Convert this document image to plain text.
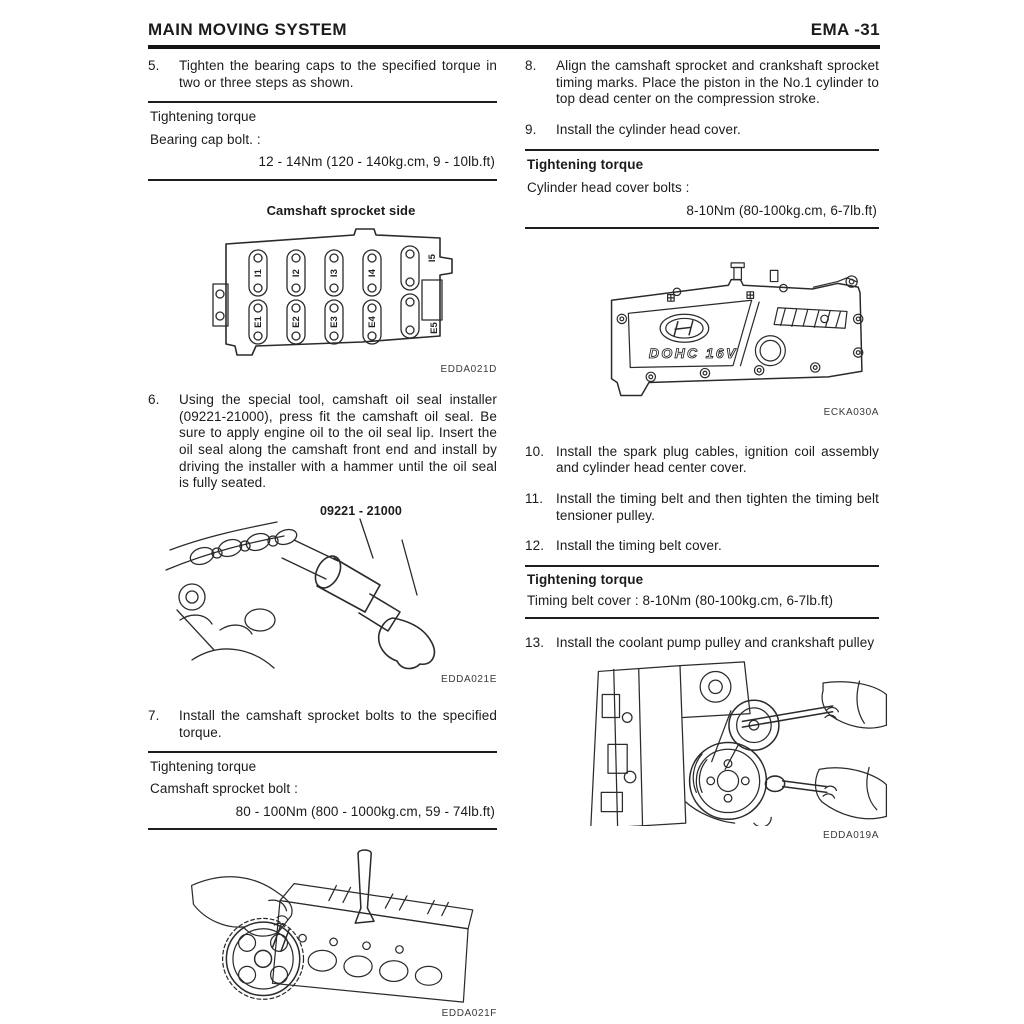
MAIN MOVING SYSTEM	EMA -31
5.	Tighten the bearing caps to the specified torque in two or three steps as shown.
Tightening torque
Bearing cap bolt. :
12 - 14Nm (120 - 140kg.cm, 9 - 10lb.ft)
Camshaft sprocket side
I1	I2	I3	I4
I5
E1	E2	E3	E4
E5
EDDA021D
6.	Using the special tool, camshaft oil seal installer (09221-21000), press fit the camshaft oil seal. Be sure to apply engine oil to the oil seal lip. Insert the oil seal along the camshaft front end and install by driving the installer with a hammer until the oil seal is fully seated.
09221 - 21000
EDDA021E
7.	Install the camshaft sprocket bolts to the specified torque.
Tightening torque
Camshaft sprocket bolt :
80 - 100Nm (800 - 1000kg.cm, 59 - 74lb.ft)
EDDA021F
8.	Align the camshaft sprocket and crankshaft sprocket timing marks. Place the piston in the No.1 cylinder to top dead center on the compression stroke.
9.	Install the cylinder head cover.
Tightening torque
Cylinder head cover bolts :
8-10Nm (80-100kg.cm, 6-7lb.ft)
DOHC 16V
ECKA030A
10. Install the spark plug cables, ignition coil assembly and cylinder head center cover.
11. Install the timing belt and then tighten the timing belt tensioner pulley.
12. Install the timing belt cover.
Tightening torque
Timing belt cover : 8-10Nm (80-100kg.cm, 6-7lb.ft)
13. Install the coolant pump pulley and crankshaft pulley
EDDA019A
